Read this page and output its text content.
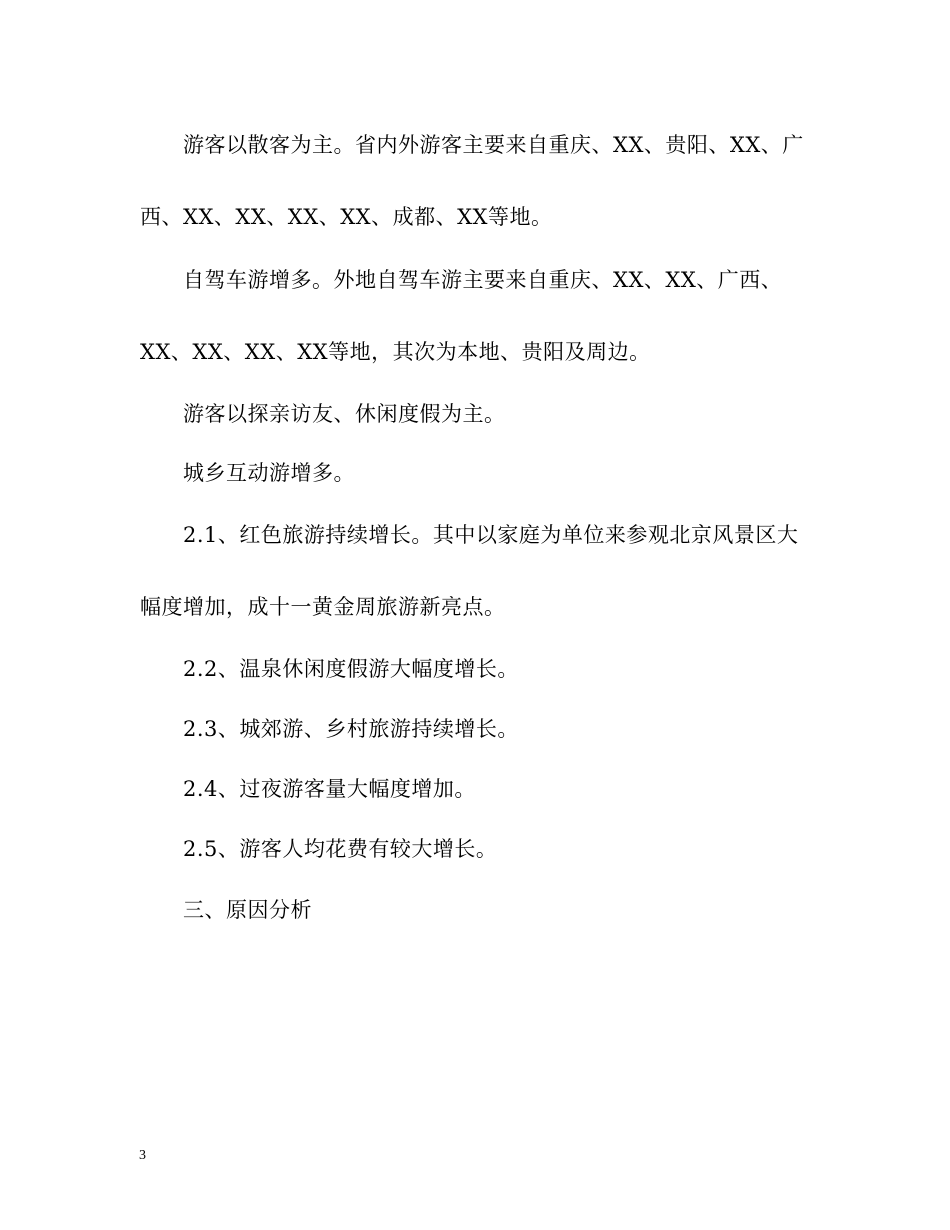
游客以散客为主。省内外游客主要来自重庆、XX、贵阳、XX、广
西、XX、XX、XX、XX、成都、XX等地。
自驾车游增多。外地自驾车游主要来自重庆、XX、XX、广西、
XX、XX、XX、XX等地，其次为本地、贵阳及周边。
游客以探亲访友、休闲度假为主。
城乡互动游增多。
2.1、红色旅游持续增长。其中以家庭为单位来参观北京风景区大
幅度增加，成十一黄金周旅游新亮点。
2.2、温泉休闲度假游大幅度增长。
2.3、城郊游、乡村旅游持续增长。
2.4、过夜游客量大幅度增加。
2.5、游客人均花费有较大增长。
三、原因分析
3
